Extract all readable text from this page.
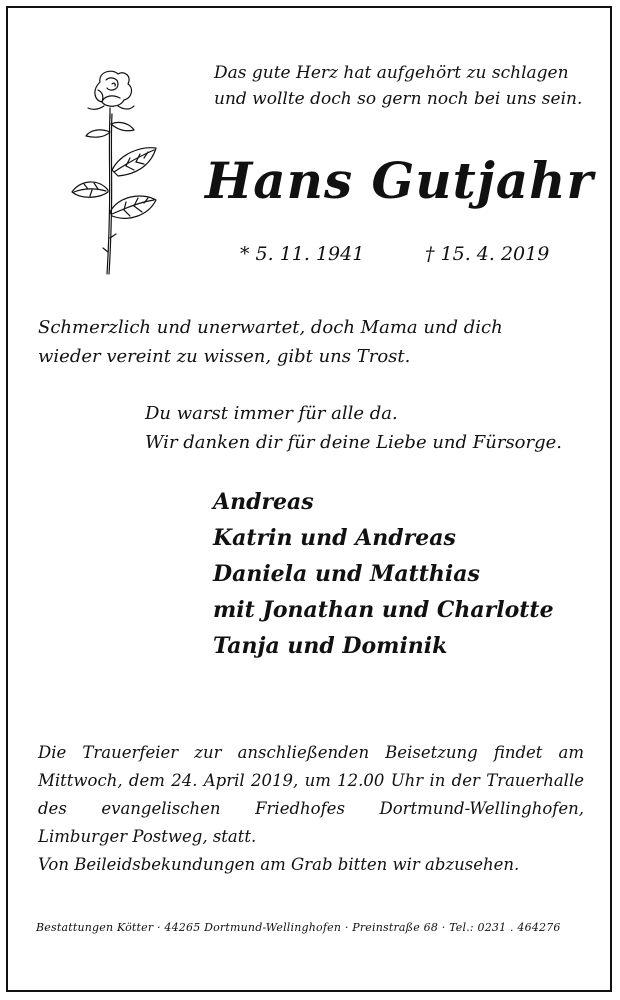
Das gute Herz hat aufgehört zu schlagen
und wollte doch so gern noch bei uns sein.
Hans Gutjahr
* 5. 11. 1941	† 15. 4. 2019
Schmerzlich und unerwartet, doch Mama und dich
wieder vereint zu wissen, gibt uns Trost.
Du warst immer für alle da.
Wir danken dir für deine Liebe und Fürsorge.
Andreas
Katrin und Andreas
Daniela und Matthias
mit Jonathan und Charlotte
Tanja und Dominik
Die Trauerfeier zur anschließenden Beisetzung findet am Mittwoch, dem 24. April 2019, um 12.00 Uhr in der Trauerhalle des evangelischen Friedhofes Dortmund-Wellinghofen, Limburger Postweg, statt.
Von Beileidsbekundungen am Grab bitten wir abzusehen.
Bestattungen Kötter · 44265 Dortmund-Wellinghofen · Preinstraße 68 · Tel.: 0231 . 464276
